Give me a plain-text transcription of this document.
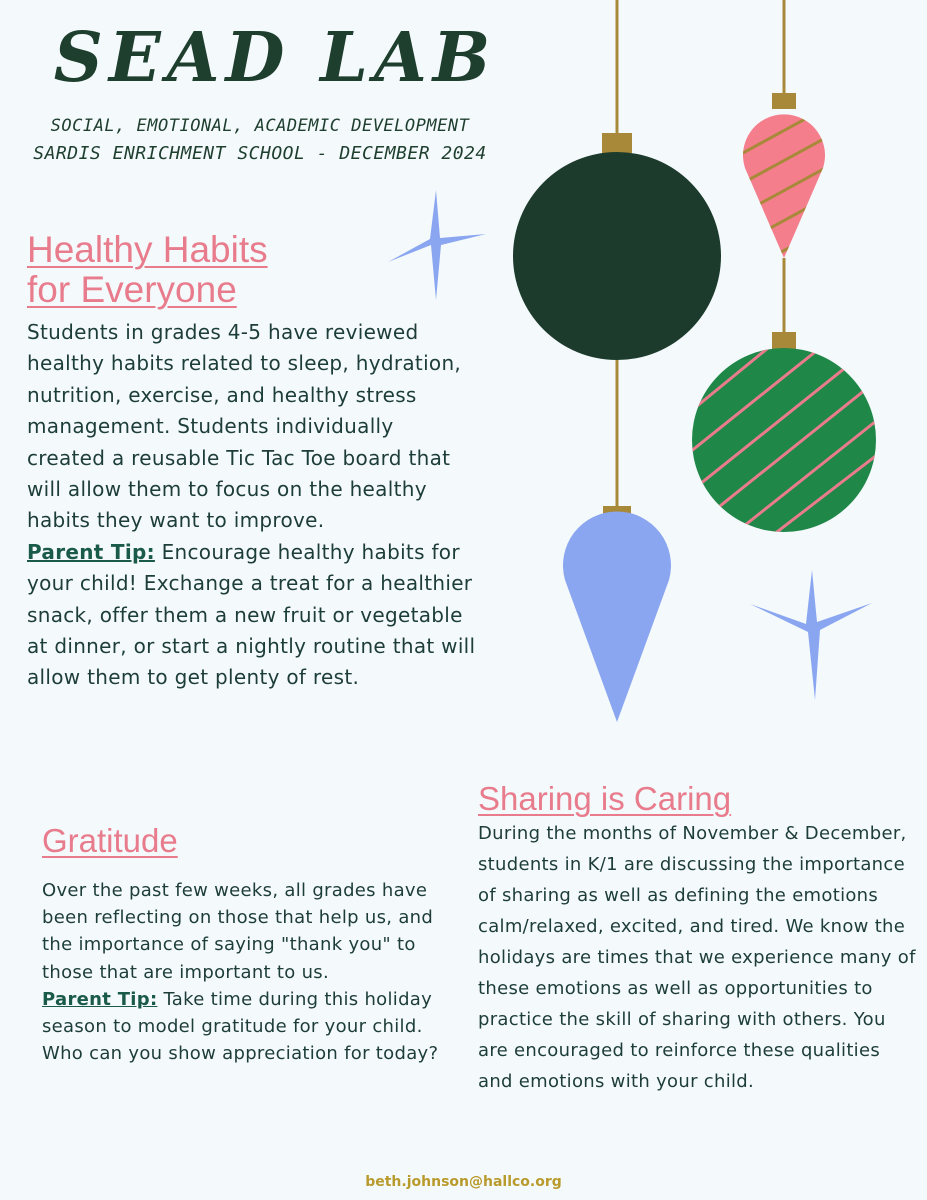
SEAD LAB
SOCIAL, EMOTIONAL, ACADEMIC DEVELOPMENT
SARDIS ENRICHMENT SCHOOL - DECEMBER 2024
Healthy Habits
for Everyone

Students in grades 4-5 have reviewed healthy habits related to sleep, hydration, nutrition, exercise, and healthy stress management. Students individually created a reusable Tic Tac Toe board that will allow them to focus on the healthy habits they want to improve.
Parent Tip: Encourage healthy habits for your child! Exchange a treat for a healthier snack, offer them a new fruit or vegetable at dinner, or start a nightly routine that will allow them to get plenty of rest.

Gratitude

Over the past few weeks, all grades have been reflecting on those that help us, and the importance of saying "thank you" to those that are important to us.
Parent Tip: Take time during this holiday season to model gratitude for your child. Who can you show appreciation for today?

Sharing is Caring

During the months of November & December, students in K/1 are discussing the importance of sharing as well as defining the emotions calm/relaxed, excited, and tired. We know the holidays are times that we experience many of these emotions as well as opportunities to practice the skill of sharing with others. You are encouraged to reinforce these qualities and emotions with your child.

beth.johnson@hallco.org
